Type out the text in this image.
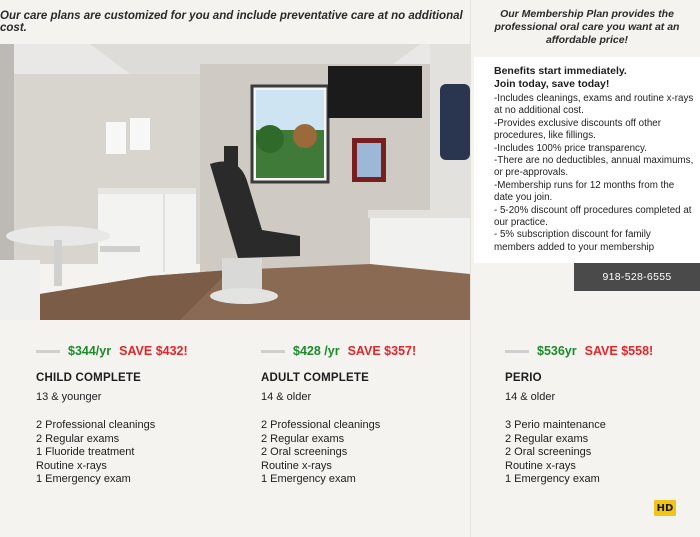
Our care plans are customized for you and include preventative care at no additional cost.
Our Membership Plan provides the professional oral care you want at an affordable price!
Benefits start immediately.
Join today, save today!
-Includes cleanings, exams and routine x-rays at no additional cost.
-Provides exclusive discounts off other procedures, like fillings.
-Includes 100% price transparency.
-There are no deductibles, annual maximums, or pre-approvals.
-Membership runs for 12 months from the date you join.
- 5-20% discount off procedures completed at our practice.
- 5% subscription discount for family members added to your membership
918-528-6555
$344/yr SAVE $432!
CHILD COMPLETE
13 & younger
2 Professional cleanings
2 Regular exams
1 Fluoride treatment
Routine x-rays
1 Emergency exam
$428 /yr SAVE $357!
ADULT COMPLETE
14 & older
2 Professional cleanings
2 Regular exams
2 Oral screenings
Routine x-rays
1 Emergency exam
$536yr SAVE $558!
PERIO
14 & older
3 Perio maintenance
2 Regular exams
2 Oral screenings
Routine x-rays
1 Emergency exam
HD
